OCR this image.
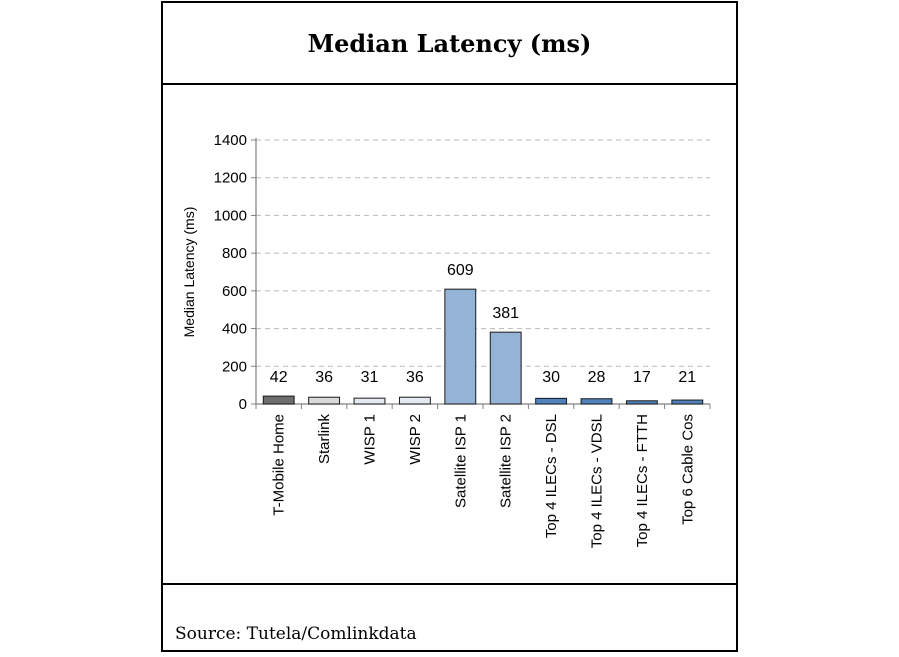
Median Latency (ms)
0
200
400
600
800
1000
1200
1400
Median Latency (ms)
42
T-Mobile Home
36
Starlink
31
WISP 1
36
WISP 2
609
Satellite ISP 1
381
Satellite ISP 2
30
Top 4 ILECs - DSL
28
Top 4 ILECs - VDSL
17
Top 4 ILECs - FTTH
21
Top 6 Cable Cos
Source: Tutela/Comlinkdata
